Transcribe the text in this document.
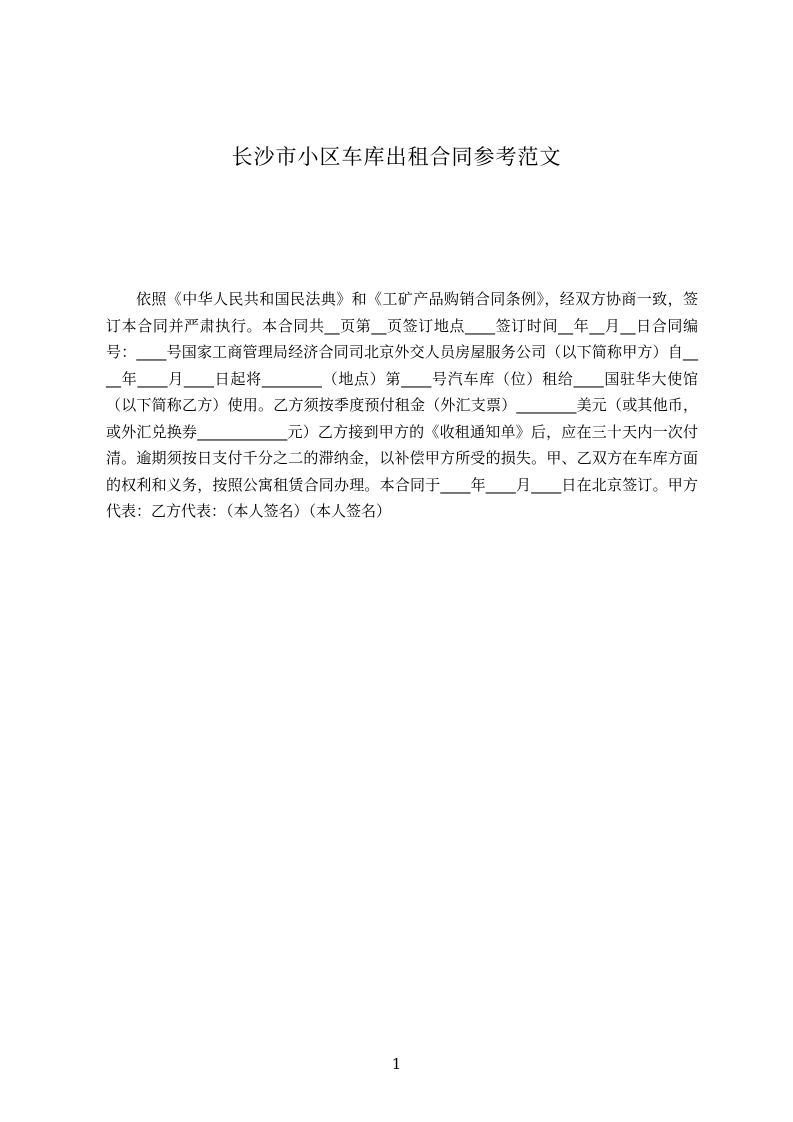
长沙市小区车库出租合同参考范文

依照《中华人民共和国民法典》和《工矿产品购销合同条例》，经双方协商一致，签订本合同并严肃执行。本合同共__页第__页签订地点____签订时间__年__月__日合同编号：____号国家工商管理局经济合同司北京外交人员房屋服务公司（以下简称甲方）自____年____月____日起将________（地点）第____号汽车库（位）租给____国驻华大使馆（以下简称乙方）使用。乙方须按季度预付租金（外汇支票）________美元（或其他币，或外汇兑换券____________元）乙方接到甲方的《收租通知单》后，应在三十天内一次付清。逾期须按日支付千分之二的滞纳金，以补偿甲方所受的损失。甲、乙双方在车库方面的权利和义务，按照公寓租赁合同办理。本合同于____年____月____日在北京签订。甲方代表：乙方代表：（本人签名）（本人签名）

1
